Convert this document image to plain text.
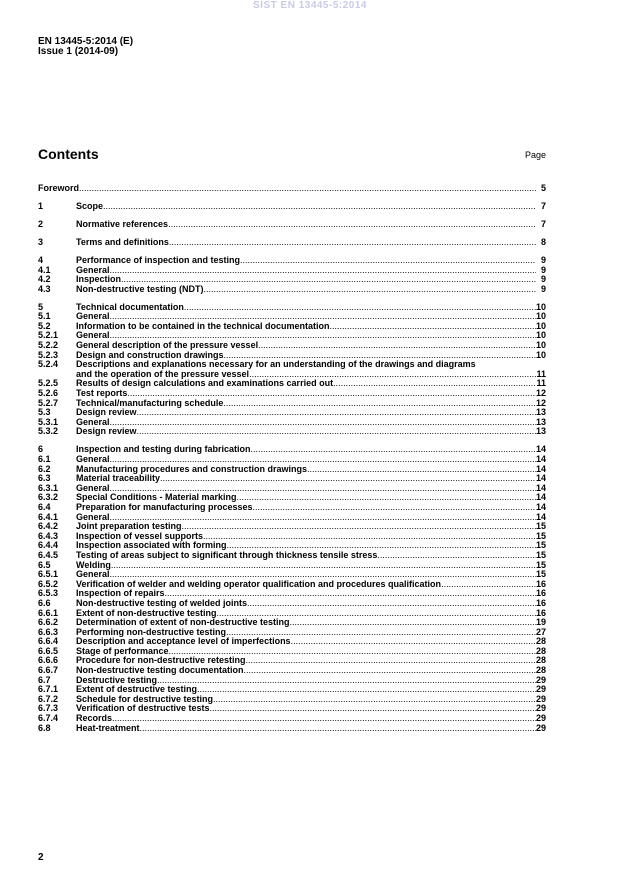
SIST EN 13445-5:2014
EN 13445-5:2014 (E)
Issue 1 (2014-09)
Contents	Page
Foreword .....	5
1	Scope .....	7
2	Normative references .....	7
3	Terms and definitions .....	8
4	Performance of inspection and testing .....	9
4.1	General .....	9
4.2	Inspection .....	9
4.3	Non-destructive testing (NDT) .....	9
5	Technical documentation .....	10
5.1	General .....	10
5.2	Information to be contained in the technical documentation .....	10
5.2.1	General .....	10
5.2.2	General description of the pressure vessel .....	10
5.2.3	Design and construction drawings .....	10
5.2.4	Descriptions and explanations necessary for an understanding of the drawings and diagrams
and the operation of the pressure vessel .....	11
5.2.5	Results of design calculations and examinations carried out .....	11
5.2.6	Test reports .....	12
5.2.7	Technical/manufacturing schedule .....	12
5.3	Design review .....	13
5.3.1	General .....	13
5.3.2	Design review .....	13
6	Inspection and testing during fabrication .....	14
6.1	General .....	14
6.2	Manufacturing procedures and construction drawings .....	14
6.3	Material traceability .....	14
6.3.1	General .....	14
6.3.2	Special Conditions - Material marking .....	14
6.4	Preparation for manufacturing processes .....	14
6.4.1	General .....	14
6.4.2	Joint preparation testing .....	15
6.4.3	Inspection of vessel supports .....	15
6.4.4	Inspection associated with forming .....	15
6.4.5	Testing of areas subject to significant through thickness tensile stress .....	15
6.5	Welding .....	15
6.5.1	General .....	15
6.5.2	Verification of welder and welding operator qualification and procedures qualification .....	16
6.5.3	Inspection of repairs .....	16
6.6	Non-destructive testing of welded joints .....	16
6.6.1	Extent of non-destructive testing .....	16
6.6.2	Determination of extent of non-destructive testing .....	19
6.6.3	Performing non-destructive testing .....	27
6.6.4	Description and acceptance level of imperfections .....	28
6.6.5	Stage of performance .....	28
6.6.6	Procedure for non-destructive retesting .....	28
6.6.7	Non-destructive testing documentation .....	28
6.7	Destructive testing .....	29
6.7.1	Extent of destructive testing .....	29
6.7.2	Schedule for destructive testing .....	29
6.7.3	Verification of destructive tests .....	29
6.7.4	Records .....	29
6.8	Heat-treatment .....	29
2
